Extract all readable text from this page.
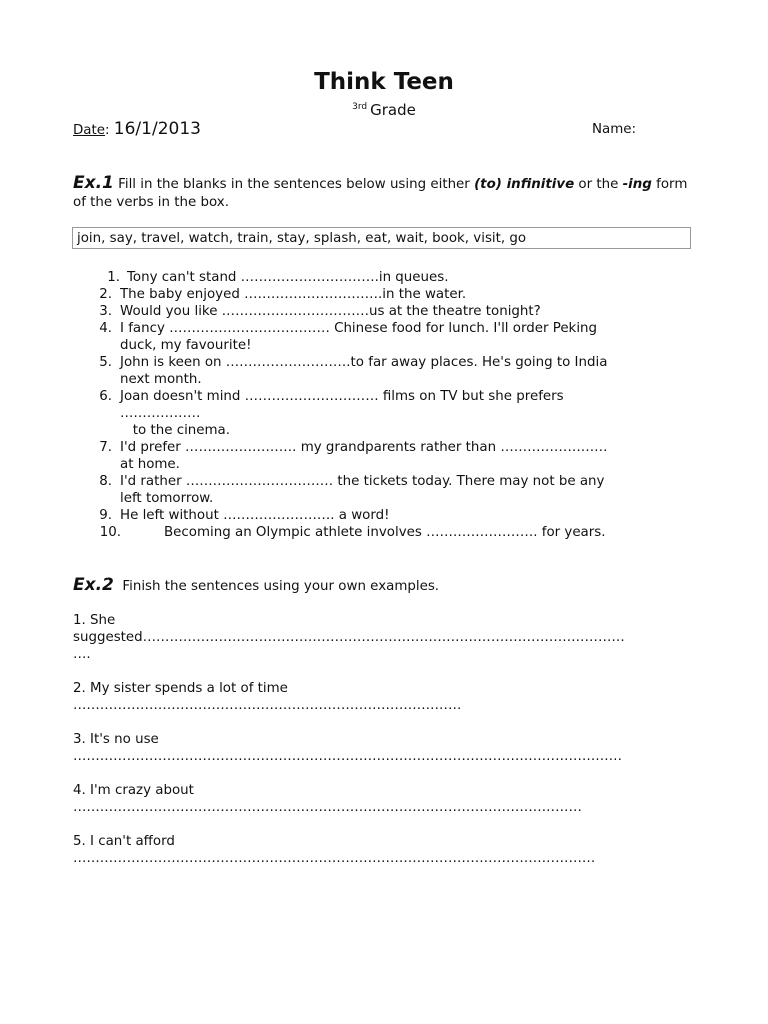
Think Teen
$^{3rd}$ Grade
Date: 16/1/2013	Name:
Ex.1 Fill in the blanks in the sentences below using either (to) infinitive or the -ing form of the verbs in the box.
join, say, travel, watch, train, stay, splash, eat, wait, book, visit, go
1. Tony can't stand ………………………….in queues.
2. The baby enjoyed ………………………….in the water.
3. Would you like ……………………………us at the theatre tonight?
4. I fancy ……………………………… Chinese food for lunch. I'll order Peking
duck, my favourite!
5. John is keen on ……………………….to far away places. He's going to India
next month.
6. Joan doesn't mind ………………………… films on TV but she prefers
………………
to the cinema.
7. I'd prefer ……………………. my grandparents rather than ……………………
at home.
8. I'd rather …………………………… the tickets today. There may not be any
left tomorrow.
9. He left without ……………………. a word!
10.	Becoming an Olympic athlete involves ……………………. for years.
Ex.2  Finish the sentences using your own examples.
1. She
suggested………………………………………………………………………………………………
….
2. My sister spends a lot of time
……………………………………………………………………………
3. It's no use
……………………………………………………………………………………………………………
4. I'm crazy about
……………………………………………………………………………………………………
5. I can't afford
………………………………………………………………………………………………………
